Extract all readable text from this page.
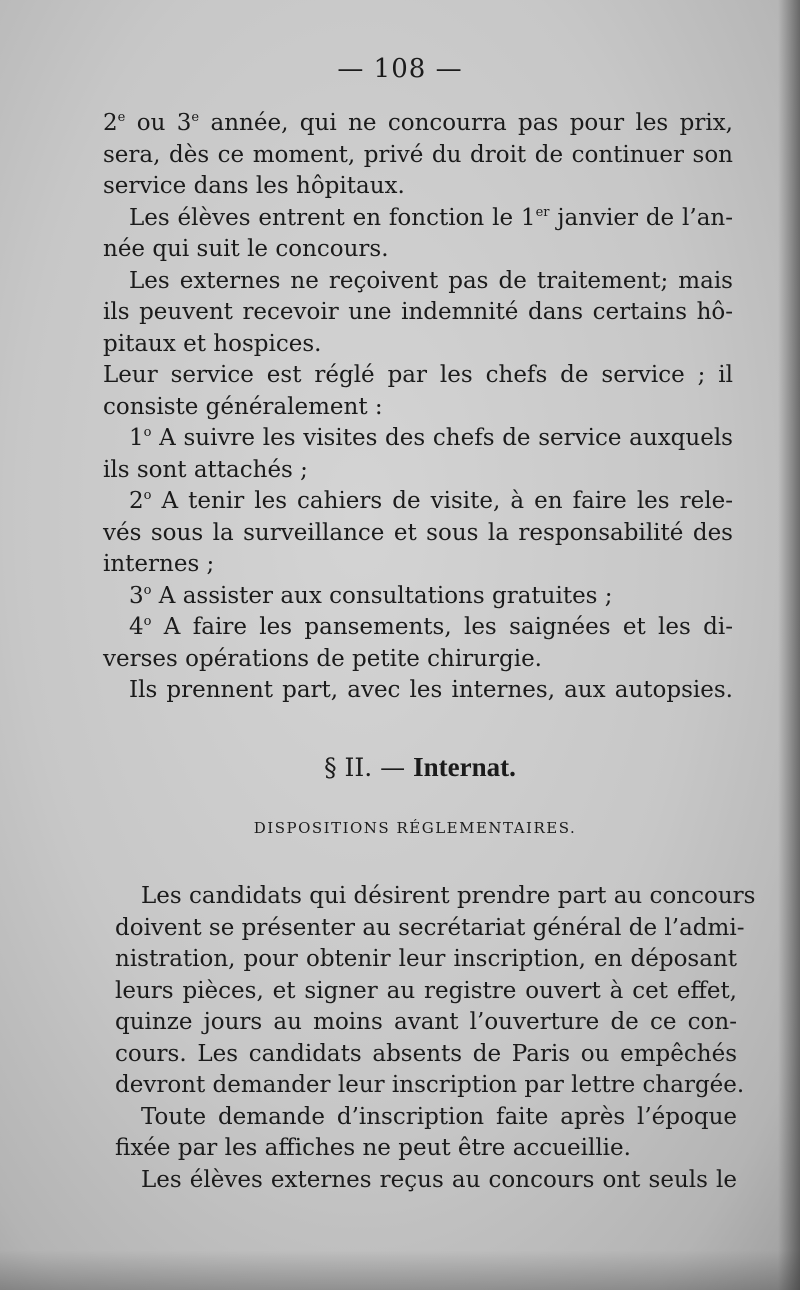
— 108 —
2e ou 3e année, qui ne concourra pas pour les prix,
sera, dès ce moment, privé du droit de continuer son
service dans les hôpitaux.
Les élèves entrent en fonction le 1er janvier de l’an-
née qui suit le concours.
Les externes ne reçoivent pas de traitement; mais
ils peuvent recevoir une indemnité dans certains hô-
pitaux et hospices.
Leur service est réglé par les chefs de service ; il
consiste généralement :
1$^o$ A suivre les visites des chefs de service auxquels
ils sont attachés ;
2$^o$ A tenir les cahiers de visite, à en faire les rele-
vés sous la surveillance et sous la responsabilité des
internes ;
3$^o$ A assister aux consultations gratuites ;
4$^o$ A faire les pansements, les saignées et les di-
verses opérations de petite chirurgie.
Ils prennent part, avec les internes, aux autopsies.
§ II. — Internat.
DISPOSITIONS RÉGLEMENTAIRES.
Les candidats qui désirent prendre part au concours
doivent se présenter au secrétariat général de l’admi-
nistration, pour obtenir leur inscription, en déposant
leurs pièces, et signer au registre ouvert à cet effet,
quinze jours au moins avant l’ouverture de ce con-
cours. Les candidats absents de Paris ou empêchés
devront demander leur inscription par lettre chargée.
Toute demande d’inscription faite après l’époque
fixée par les affiches ne peut être accueillie.
Les élèves externes reçus au concours ont seuls le
